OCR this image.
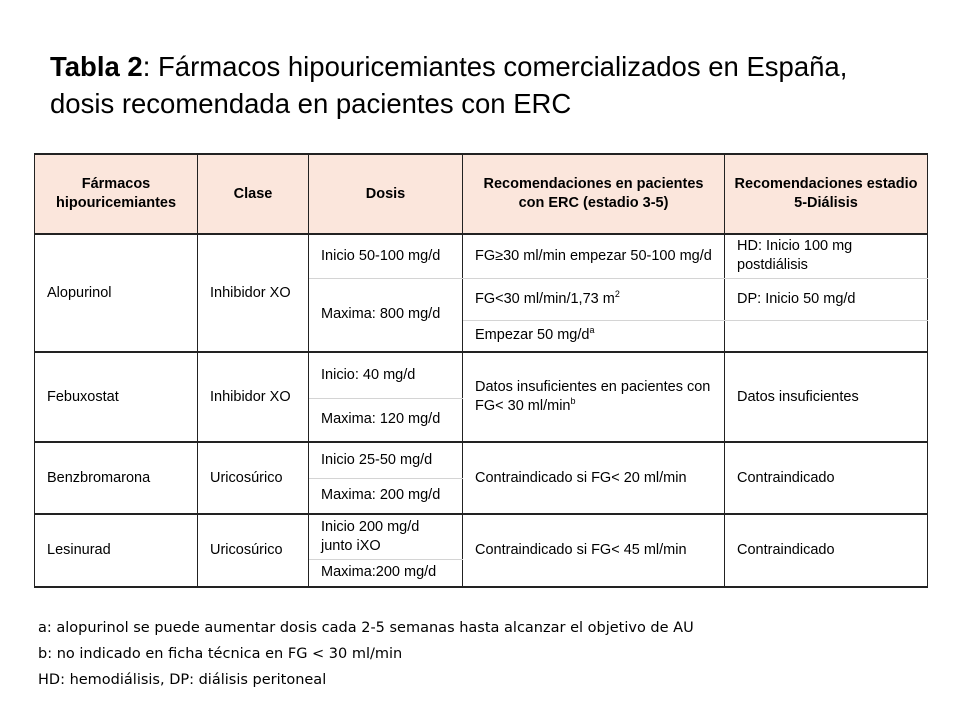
Tabla 2: Fármacos hipouricemiantes comercializados en España, dosis recomendada en pacientes con ERC
Fármacos hipouricemiantes	Clase	Dosis	Recomendaciones en pacientes con ERC (estadio 3-5)	Recomendaciones estadio 5-Diálisis
Alopurinol	Inhibidor XO	Inicio 50-100 mg/d	FG≥30 ml/min empezar 50-100 mg/d	HD: Inicio 100 mg postdiálisis
		Maxima: 800 mg/d	FG<30 ml/min/1,73 $m^2$	DP: Inicio 50 mg/d
			Empezar 50 $mg/d^a$	
Febuxostat	Inhibidor XO	Inicio: 40 mg/d	Datos insuficientes en pacientes con FG< 30 $ml/\min^b$	Datos insuficientes
		Maxima: 120 mg/d		
Benzbromarona	Uricosúrico	Inicio 25-50 mg/d	Contraindicado si FG< 20 ml/min	Contraindicado
		Maxima: 200 mg/d		
Lesinurad	Uricosúrico	Inicio 200 mg/d junto iXO	Contraindicado si FG< 45 ml/min	Contraindicado
		Maxima:200 mg/d		
a: alopurinol se puede aumentar dosis cada 2-5 semanas hasta alcanzar el objetivo de AU
b: no indicado en ficha técnica en FG < 30 ml/min
HD: hemodiálisis, DP: diálisis peritoneal
